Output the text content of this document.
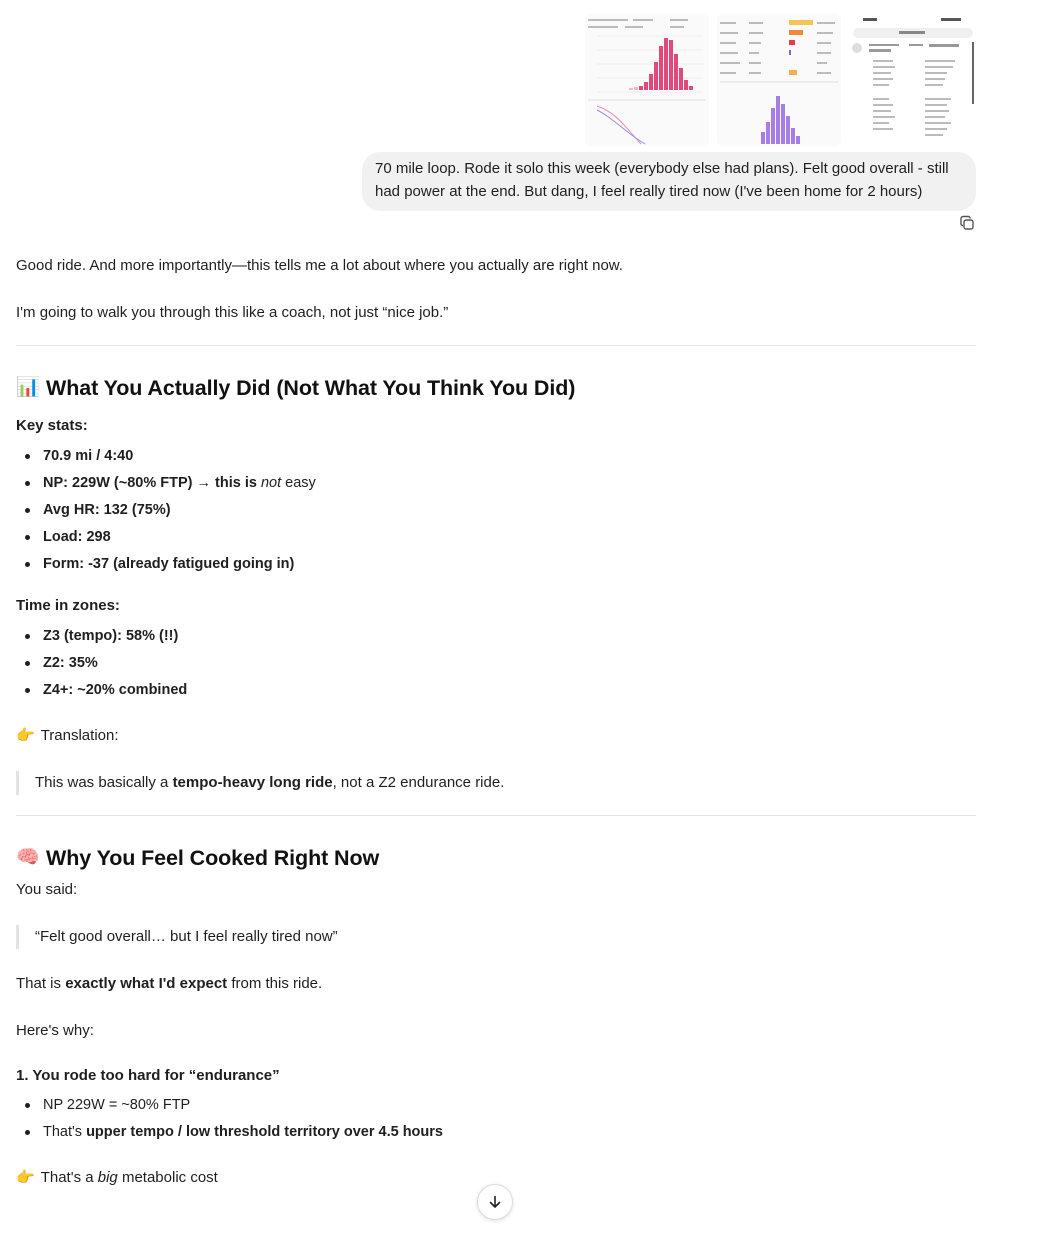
70 mile loop. Rode it solo this week (everybody else had plans). Felt good overall - still had power at the end. But dang, I feel really tired now (I've been home for 2 hours)

Good ride. And more importantly—this tells me a lot about where you actually are right now.

I'm going to walk you through this like a coach, not just “nice job.”

📊 What You Actually Did (Not What You Think You Did)
Key stats:
70.9 mi / 4:40
NP: 229W (~80% FTP) → this is not easy
Avg HR: 132 (75%)
Load: 298
Form: -37 (already fatigued going in)
Time in zones:
Z3 (tempo): 58% (!!)
Z2: 35%
Z4+: ~20% combined
👉 Translation:
This was basically a tempo-heavy long ride, not a Z2 endurance ride.
🧠 Why You Feel Cooked Right Now

You said:

“Felt good overall… but I feel really tired now”

That is exactly what I'd expect from this ride.

Here's why:

1. You rode too hard for “endurance”
NP 229W = ~80% FTP
That's upper tempo / low threshold territory over 4.5 hours
👉 That's a big metabolic cost
